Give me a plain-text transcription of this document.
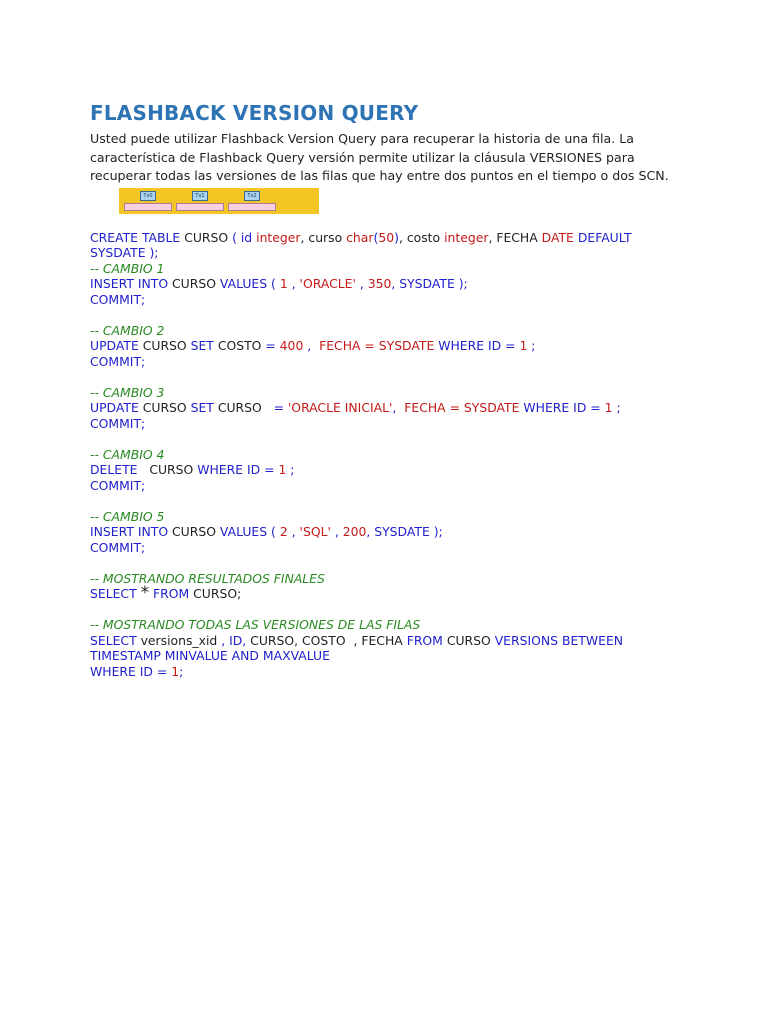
FLASHBACK VERSION QUERY

Usted puede utilizar Flashback Version Query para recuperar la historia de una fila. La

característica de Flashback Query versión permite utilizar la cláusula VERSIONES para

recuperar todas las versiones de las filas que hay entre dos puntos en el tiempo o dos SCN.

Tx0	Tx1	Tx2
CREATE TABLE CURSO ( id integer, curso char(50), costo integer, FECHA DATE DEFAULT
SYSDATE );
-- CAMBIO 1
INSERT INTO CURSO VALUES ( 1 , 'ORACLE' , 350, SYSDATE );
COMMIT;
-- CAMBIO 2
UPDATE CURSO SET COSTO = 400 ,  FECHA = SYSDATE WHERE ID = 1 ;
COMMIT;
-- CAMBIO 3
UPDATE CURSO SET CURSO   = 'ORACLE INICIAL',  FECHA = SYSDATE WHERE ID = 1 ;
COMMIT;
-- CAMBIO 4
DELETE   CURSO WHERE ID = 1 ;
COMMIT;
-- CAMBIO 5
INSERT INTO CURSO VALUES ( 2 , 'SQL' , 200, SYSDATE );
COMMIT;
-- MOSTRANDO RESULTADOS FINALES
SELECT * FROM CURSO;
-- MOSTRANDO TODAS LAS VERSIONES DE LAS FILAS
SELECT versions_xid , ID, CURSO, COSTO  , FECHA FROM CURSO VERSIONS BETWEEN
TIMESTAMP MINVALUE AND MAXVALUE
WHERE ID = 1;
